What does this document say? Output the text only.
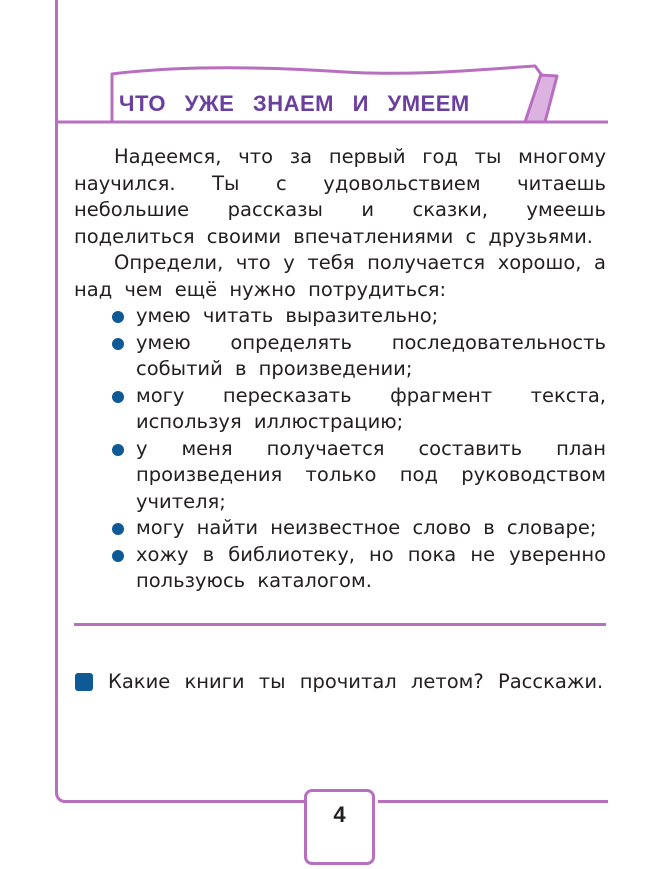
ЧТО УЖЕ ЗНАЕМ И УМЕЕМ

Надеемся, что за первый год ты многому научился. Ты с удовольствием читаешь небольшие рассказы и сказки, умеешь поделиться своими впечатлениями с друзьями.

Определи, что у тебя получается хорошо, а над чем ещё нужно потрудиться:

умею читать выразительно;
умею определять последовательность событий в произведении;
могу пересказать фрагмент текста, используя иллюстрацию;
у меня получается составить план произведения только под руководством учителя;
могу найти неизвестное слово в словаре;
хожу в библиотеку, но пока не уверенно пользуюсь каталогом.
Какие книги ты прочитал летом? Расскажи.
4
